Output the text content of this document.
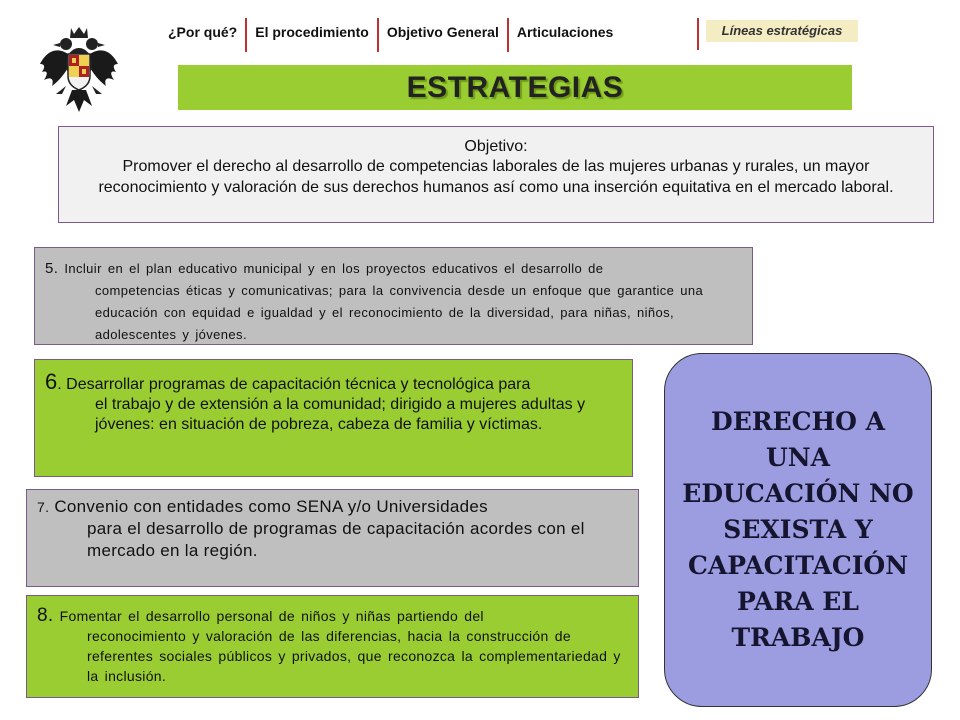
¿Por qué?	El procedimiento	Objetivo General	Articulaciones	Líneas estratégicas
ESTRATEGIAS
Objetivo:
Promover el derecho al desarrollo de competencias laborales de las mujeres urbanas y rurales, un mayor reconocimiento y valoración de sus derechos humanos así como una inserción equitativa en el mercado laboral.
5. Incluir en el plan educativo municipal y en los proyectos educativos el desarrollo de
competencias éticas y comunicativas; para la convivencia desde un enfoque que garantice una educación con equidad e igualdad y el reconocimiento de la diversidad, para niñas, niños, adolescentes y jóvenes.
6. Desarrollar programas de capacitación técnica y tecnológica para
el trabajo y de extensión a la comunidad; dirigido a mujeres adultas y jóvenes: en situación de pobreza, cabeza de familia y víctimas.
7. Convenio con entidades como SENA y/o Universidades
para el desarrollo de programas de capacitación acordes con el mercado en la región.
8. Fomentar el desarrollo personal de niños y niñas partiendo del
reconocimiento y valoración de las diferencias, hacia la construcción de referentes sociales públicos y privados, que reconozca la complementariedad y la inclusión.
DERECHO A UNA EDUCACIÓN NO SEXISTA Y CAPACITACIÓN PARA EL TRABAJO
